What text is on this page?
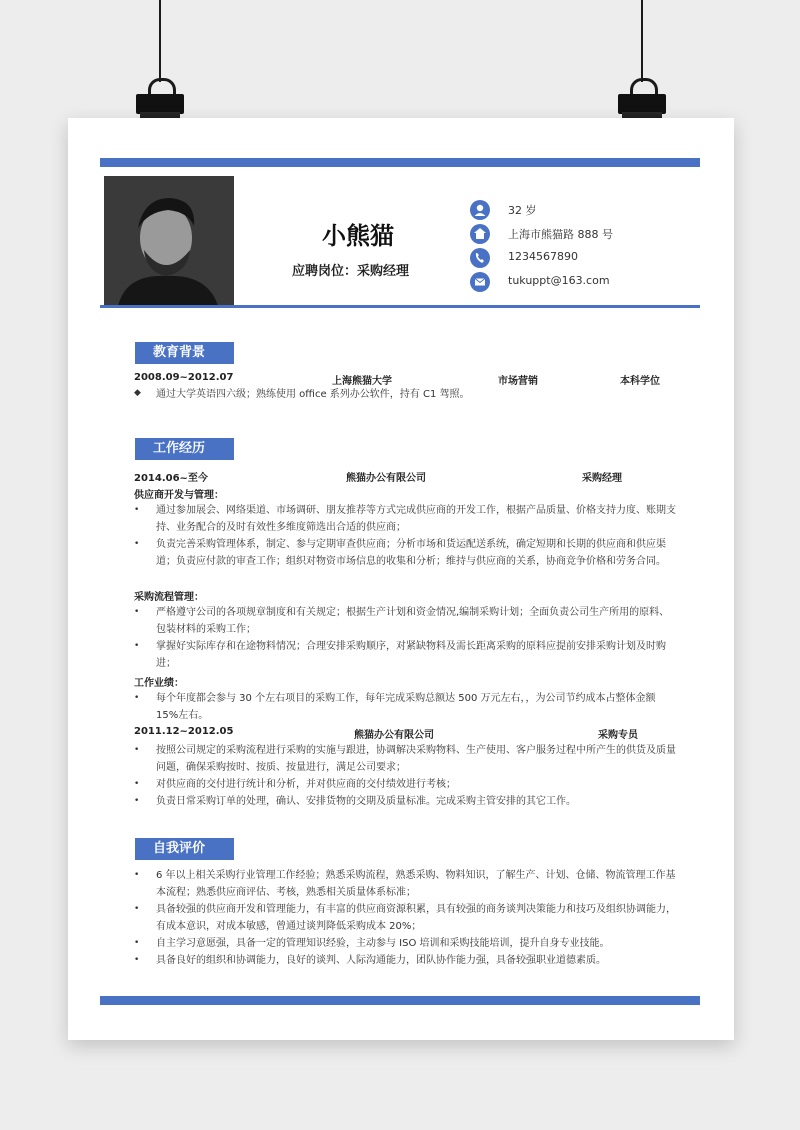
小熊猫
应聘岗位：采购经理
32 岁
上海市熊猫路 888 号
1234567890
tukuppt@163.com
教育背景
2008.09~2012.07	上海熊猫大学	市场营销	本科学位
◆ 通过大学英语四六级；熟练使用 office 系列办公软件，持有 C1 驾照。
工作经历
2014.06~至今	熊猫办公有限公司	采购经理
供应商开发与管理：
• 通过参加展会、网络渠道、市场调研、朋友推荐等方式完成供应商的开发工作，根据产品质量、价格支持力度、账期支持、业务配合的及时有效性多维度筛选出合适的供应商；
• 负责完善采购管理体系，制定、参与定期审查供应商；分析市场和货运配送系统，确定短期和长期的供应商和供应渠道；负责应付款的审查工作；组织对物资市场信息的收集和分析；维持与供应商的关系，协商竞争价格和劳务合同。
采购流程管理：
• 严格遵守公司的各项规章制度和有关规定；根据生产计划和资金情况,编制采购计划；全面负责公司生产所用的原料、包装材料的采购工作；
• 掌握好实际库存和在途物料情况；合理安排采购顺序，对紧缺物料及需长距离采购的原料应提前安排采购计划及时购进；
工作业绩：
• 每个年度都会参与 30 个左右项目的采购工作，每年完成采购总额达 500 万元左右，，为公司节约成本占整体金额 15%左右。
2011.12~2012.05	熊猫办公有限公司	采购专员
• 按照公司规定的采购流程进行采购的实施与跟进，协调解决采购物料、生产使用、客户服务过程中所产生的供货及质量问题，确保采购按时、按质、按量进行，满足公司要求；
• 对供应商的交付进行统计和分析，并对供应商的交付绩效进行考核；
• 负责日常采购订单的处理，确认、安排货物的交期及质量标准。完成采购主管安排的其它工作。
自我评价
• 6 年以上相关采购行业管理工作经验；熟悉采购流程，熟悉采购、物料知识，了解生产、计划、仓储、物流管理工作基本流程；熟悉供应商评估、考核，熟悉相关质量体系标准；
• 具备较强的供应商开发和管理能力，有丰富的供应商资源积累，具有较强的商务谈判决策能力和技巧及组织协调能力，有成本意识，对成本敏感，曾通过谈判降低采购成本 20%；
• 自主学习意愿强，具备一定的管理知识经验，主动参与 ISO 培训和采购技能培训，提升自身专业技能。
• 具备良好的组织和协调能力，良好的谈判、人际沟通能力，团队协作能力强，具备较强职业道德素质。
